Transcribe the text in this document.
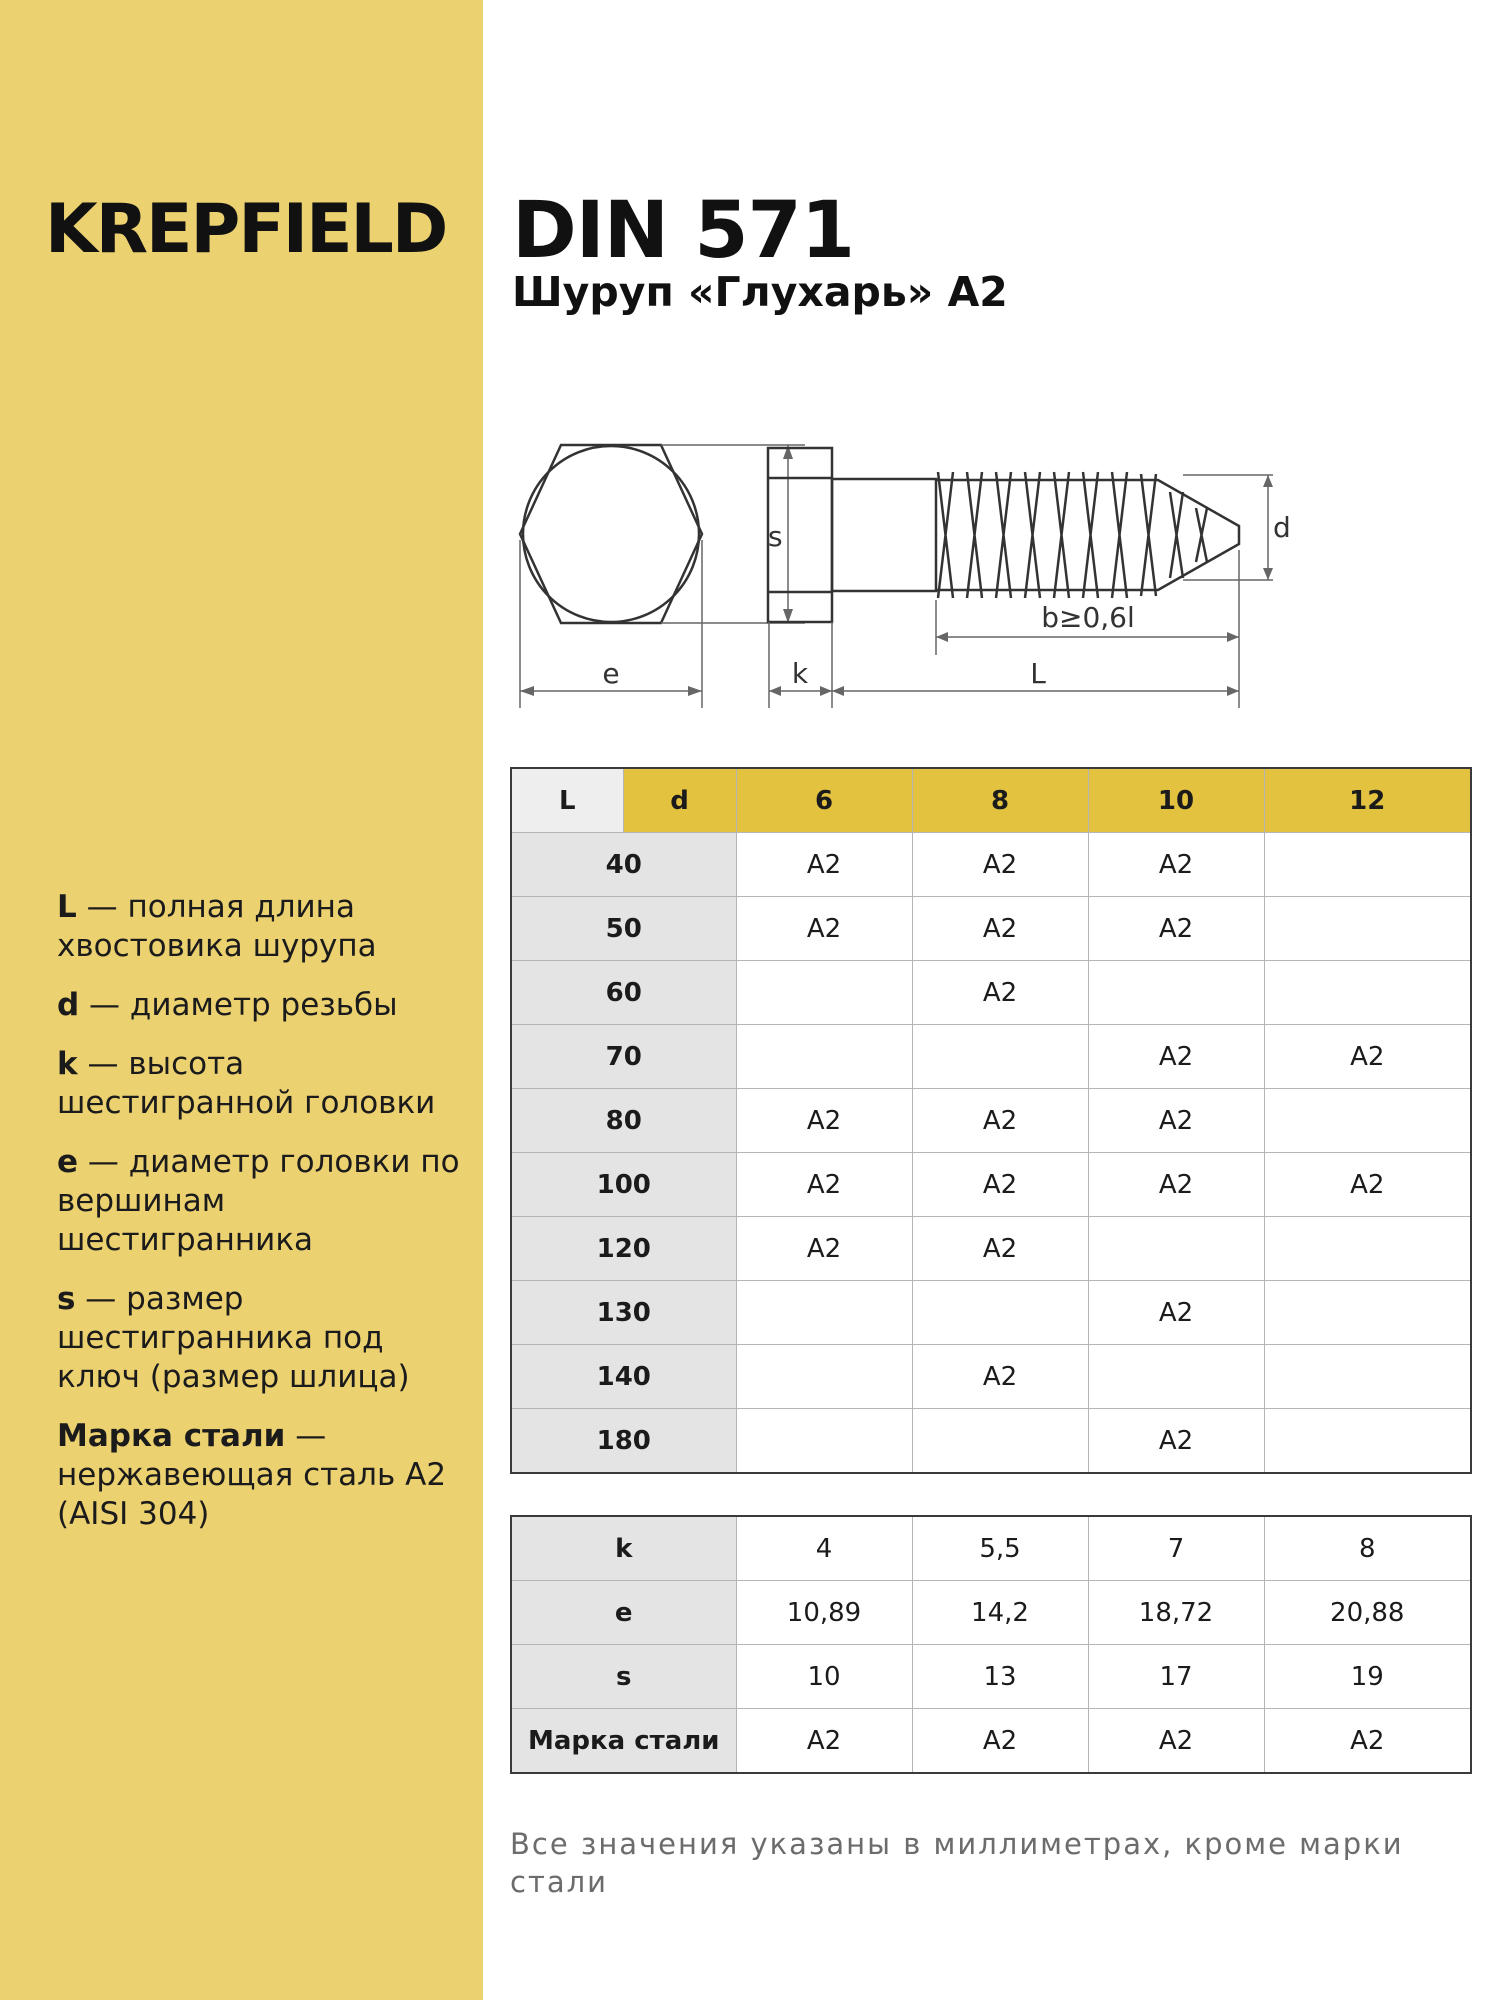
KREPFIELD
L — полная длина хвостовика шурупа
d — диаметр резьбы
k — высота шестигранной головки
e — диаметр головки по вершинам шестигранника
s — размер шестигранника под ключ (размер шлица)
Марка стали — нержавеющая сталь A2 (AISI 304)
DIN 571
Шуруп «Глухарь» А2
s
e	k	L
b≥0,6l
d
L	d	6	8	10	12
40		A2	A2	A2	
50		A2	A2	A2	
60			A2		
70				A2	A2
80		A2	A2	A2	
100		A2	A2	A2	A2
120		A2	A2		
130				A2	
140			A2		
180				A2	
k	4	5,5	7	8
e	10,89	14,2	18,72	20,88
s	10	13	17	19
Марка стали	A2	A2	A2	A2
Все значения указаны в миллиметрах, кроме марки стали
